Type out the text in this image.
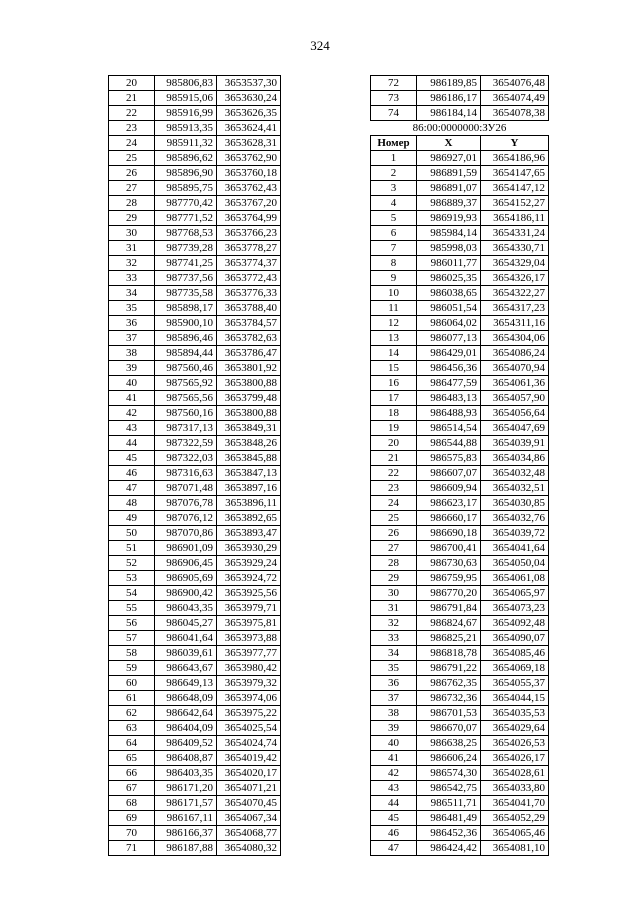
324
20	985806,83	3653537,30
21	985915,06	3653630,24
22	985916,99	3653626,35
23	985913,35	3653624,41
24	985911,32	3653628,31
25	985896,62	3653762,90
26	985896,90	3653760,18
27	985895,75	3653762,43
28	987770,42	3653767,20
29	987771,52	3653764,99
30	987768,53	3653766,23
31	987739,28	3653778,27
32	987741,25	3653774,37
33	987737,56	3653772,43
34	987735,58	3653776,33
35	985898,17	3653788,40
36	985900,10	3653784,57
37	985896,46	3653782,63
38	985894,44	3653786,47
39	987560,46	3653801,92
40	987565,92	3653800,88
41	987565,56	3653799,48
42	987560,16	3653800,88
43	987317,13	3653849,31
44	987322,59	3653848,26
45	987322,03	3653845,88
46	987316,63	3653847,13
47	987071,48	3653897,16
48	987076,78	3653896,11
49	987076,12	3653892,65
50	987070,86	3653893,47
51	986901,09	3653930,29
52	986906,45	3653929,24
53	986905,69	3653924,72
54	986900,42	3653925,56
55	986043,35	3653979,71
56	986045,27	3653975,81
57	986041,64	3653973,88
58	986039,61	3653977,77
59	986643,67	3653980,42
60	986649,13	3653979,32
61	986648,09	3653974,06
62	986642,64	3653975,22
63	986404,09	3654025,54
64	986409,52	3654024,74
65	986408,87	3654019,42
66	986403,35	3654020,17
67	986171,20	3654071,21
68	986171,57	3654070,45
69	986167,11	3654067,34
70	986166,37	3654068,77
71	986187,88	3654080,32
72	986189,85	3654076,48
73	986186,17	3654074,49
74	986184,14	3654078,38
86:00:0000000:ЗУ26		
Номер	X	Y
1	986927,01	3654186,96
2	986891,59	3654147,65
3	986891,07	3654147,12
4	986889,37	3654152,27
5	986919,93	3654186,11
6	985984,14	3654331,24
7	985998,03	3654330,71
8	986011,77	3654329,04
9	986025,35	3654326,17
10	986038,65	3654322,27
11	986051,54	3654317,23
12	986064,02	3654311,16
13	986077,13	3654304,06
14	986429,01	3654086,24
15	986456,36	3654070,94
16	986477,59	3654061,36
17	986483,13	3654057,90
18	986488,93	3654056,64
19	986514,54	3654047,69
20	986544,88	3654039,91
21	986575,83	3654034,86
22	986607,07	3654032,48
23	986609,94	3654032,51
24	986623,17	3654030,85
25	986660,17	3654032,76
26	986690,18	3654039,72
27	986700,41	3654041,64
28	986730,63	3654050,04
29	986759,95	3654061,08
30	986770,20	3654065,97
31	986791,84	3654073,23
32	986824,67	3654092,48
33	986825,21	3654090,07
34	986818,78	3654085,46
35	986791,22	3654069,18
36	986762,35	3654055,37
37	986732,36	3654044,15
38	986701,53	3654035,53
39	986670,07	3654029,64
40	986638,25	3654026,53
41	986606,24	3654026,17
42	986574,30	3654028,61
43	986542,75	3654033,80
44	986511,71	3654041,70
45	986481,49	3654052,29
46	986452,36	3654065,46
47	986424,42	3654081,10
